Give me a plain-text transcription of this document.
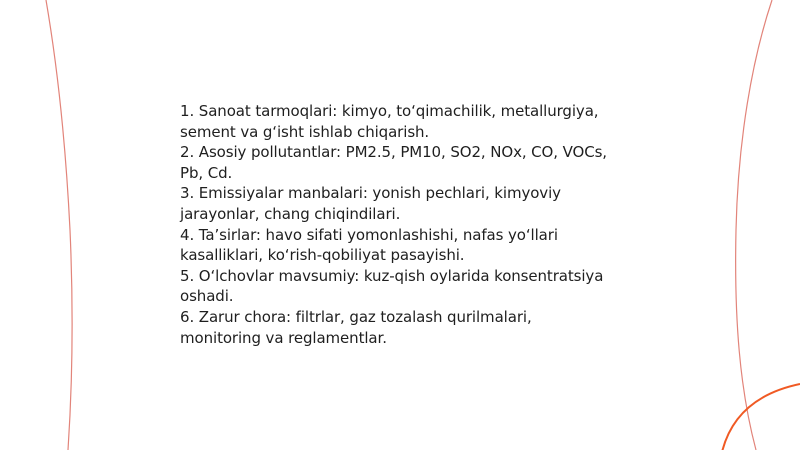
1. Sanoat tarmoqlari: kimyo, to‘qimachilik, metallurgiya, sement va g‘isht ishlab chiqarish.

2. Asosiy pollutantlar: PM2.5, PM10, SO2, NOx, CO, VOCs, Pb, Cd.

3. Emissiyalar manbalari: yonish pechlari, kimyoviy jarayonlar, chang chiqindilari.

4. Ta’sirlar: havo sifati yomonlashishi, nafas yo‘llari kasalliklari, ko‘rish-qobiliyat pasayishi.

5. O‘lchovlar mavsumiy: kuz-qish oylarida konsentratsiya oshadi.

6. Zarur chora: filtrlar, gaz tozalash qurilmalari, monitoring va reglamentlar.
